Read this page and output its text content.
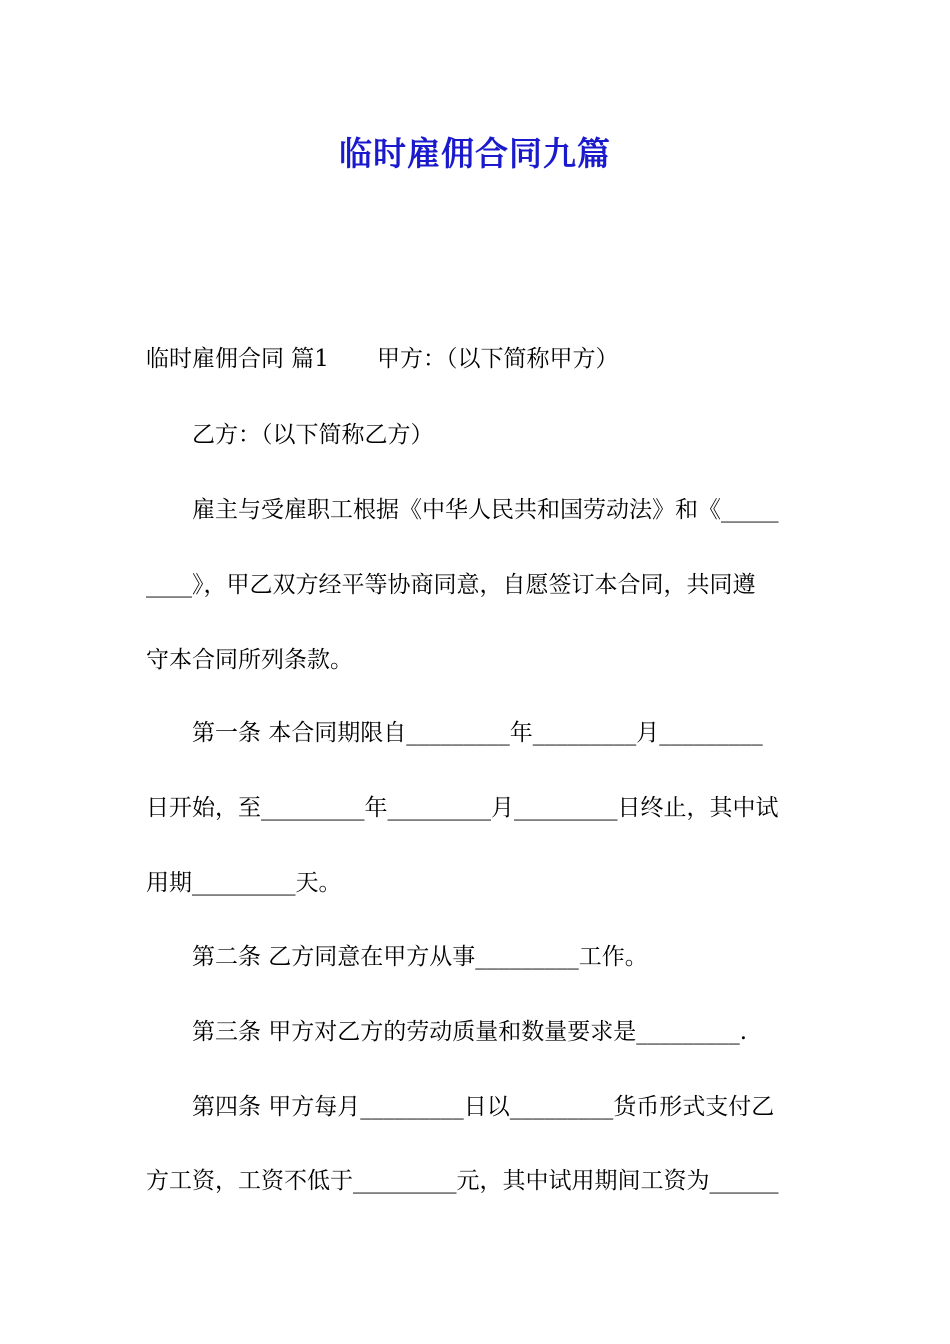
临时雇佣合同九篇
临时雇佣合同 篇1 甲方：（以下简称甲方）
乙方：（以下简称乙方）
雇主与受雇职工根据《中华人民共和国劳动法》和《_____
____》，甲乙双方经平等协商同意，自愿签订本合同，共同遵
守本合同所列条款。
第一条 本合同期限自_________年_________月_________
日开始，至_________年_________月_________日终止，其中试
用期_________天。
第二条 乙方同意在甲方从事_________工作。
第三条 甲方对乙方的劳动质量和数量要求是_________.
第四条 甲方每月_________日以_________货币形式支付乙
方工资，工资不低于_________元，其中试用期间工资为______
